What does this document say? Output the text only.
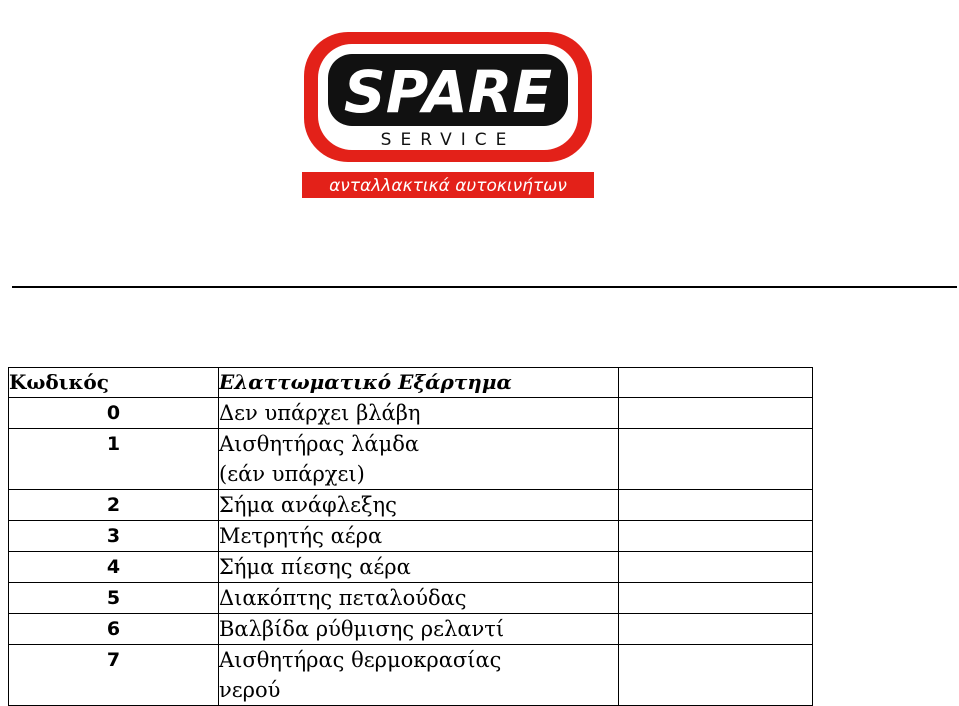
SPARE
SERVICE
ανταλλακτικά αυτοκινήτων
Κωδικός	Ελαττωματικό Εξάρτημα	
0	Δεν υπάρχει βλάβη	
1	Αισθητήρας λάμδα (εάν υπάρχει)	
2	Σήμα ανάφλεξης	
3	Μετρητής αέρα	
4	Σήμα πίεσης αέρα	
5	Διακόπτης πεταλούδας	
6	Βαλβίδα ρύθμισης ρελαντί	
7	Αισθητήρας θερμοκρασίας νερού	
